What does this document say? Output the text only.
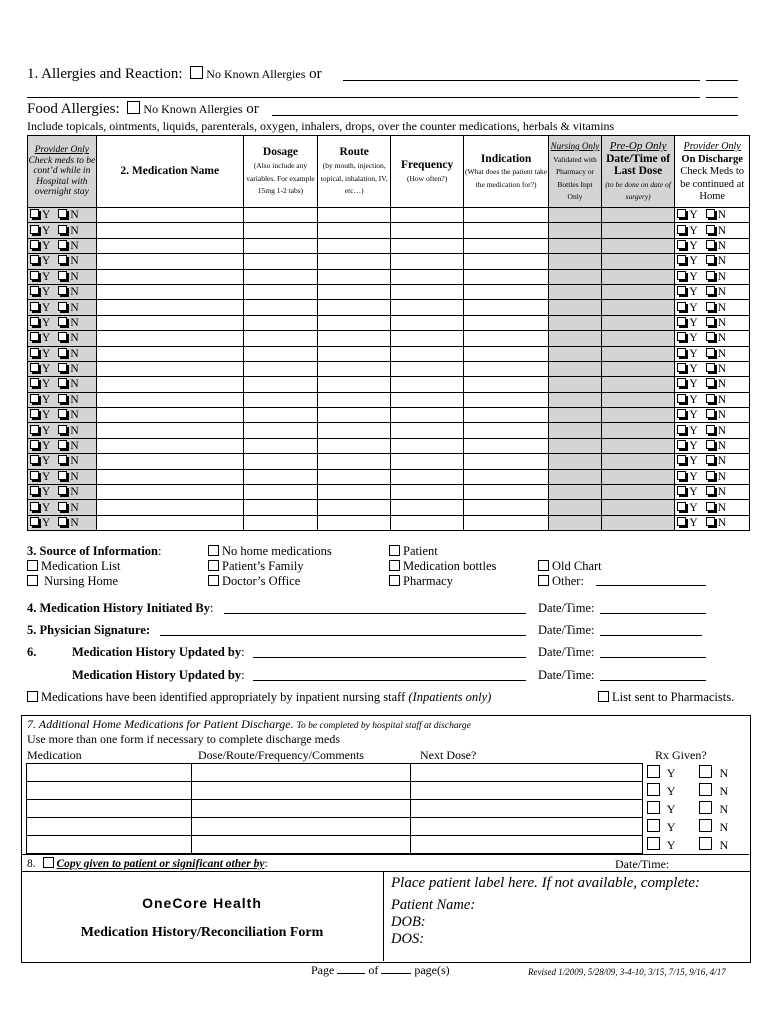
1. Allergies and Reaction: No Known Allergies or
Food Allergies: No Known Allergies or
Include topicals, ointments, liquids, parenterals, oxygen, inhalers, drops, over the counter medications, herbals & vitamins
Provider Only
Check meds to be cont’d while in Hospital with overnight stay	2. Medication Name	Dosage
(Also include any variables. For example 15mg 1-2 tabs)	Route
(by mouth, injection, topical, inhalation, IV, etc…)	Frequency
(How often?)	Indication
(What does the patient take the medication for?)	Nursing Only
Validated with Pharmacy or Bottles Inpt Only	Pre-Op Only
Date/Time of Last Dose
(to be done on date of surgery)	Provider Only
On Discharge
Check Meds to be continued at Home
Y N								Y N
Y N								Y N
Y N								Y N
Y N								Y N
Y N								Y N
Y N								Y N
Y N								Y N
Y N								Y N
Y N								Y N
Y N								Y N
Y N								Y N
Y N								Y N
Y N								Y N
Y N								Y N
Y N								Y N
Y N								Y N
Y N								Y N
Y N								Y N
Y N								Y N
Y N								Y N
Y N								Y N
3. Source of Information:
Medication List
Nursing Home
No home medications
Patient’s Family
Doctor’s Office
Patient
Medication bottles
Pharmacy
Old Chart
Other:
4. Medication History Initiated By:	Date/Time:
5. Physician Signature:	Date/Time:
6.	Medication History Updated by:	Date/Time:
Medication History Updated by:	Date/Time:
Medications have been identified appropriately by inpatient nursing staff (Inpatients only)	List sent to Pharmacists.
7. Additional Home Medications for Patient Discharge. To be completed by hospital staff at discharge
Use more than one form if necessary to complete discharge meds
Medication	Dose/Route/Frequency/Comments	Next Dose?	Rx Given?
			Y N
			Y N
			Y N
			Y N
			Y N
8. Copy given to patient or significant other by:	Date/Time:
OneCore Health
Medication History/Reconciliation Form
Place patient label here. If not available, complete:
Patient Name:
DOB:
DOS:
Page	of	page(s)	Revised 1/2009, 5/28/09, 3-4-10, 3/15, 7/15, 9/16, 4/17
